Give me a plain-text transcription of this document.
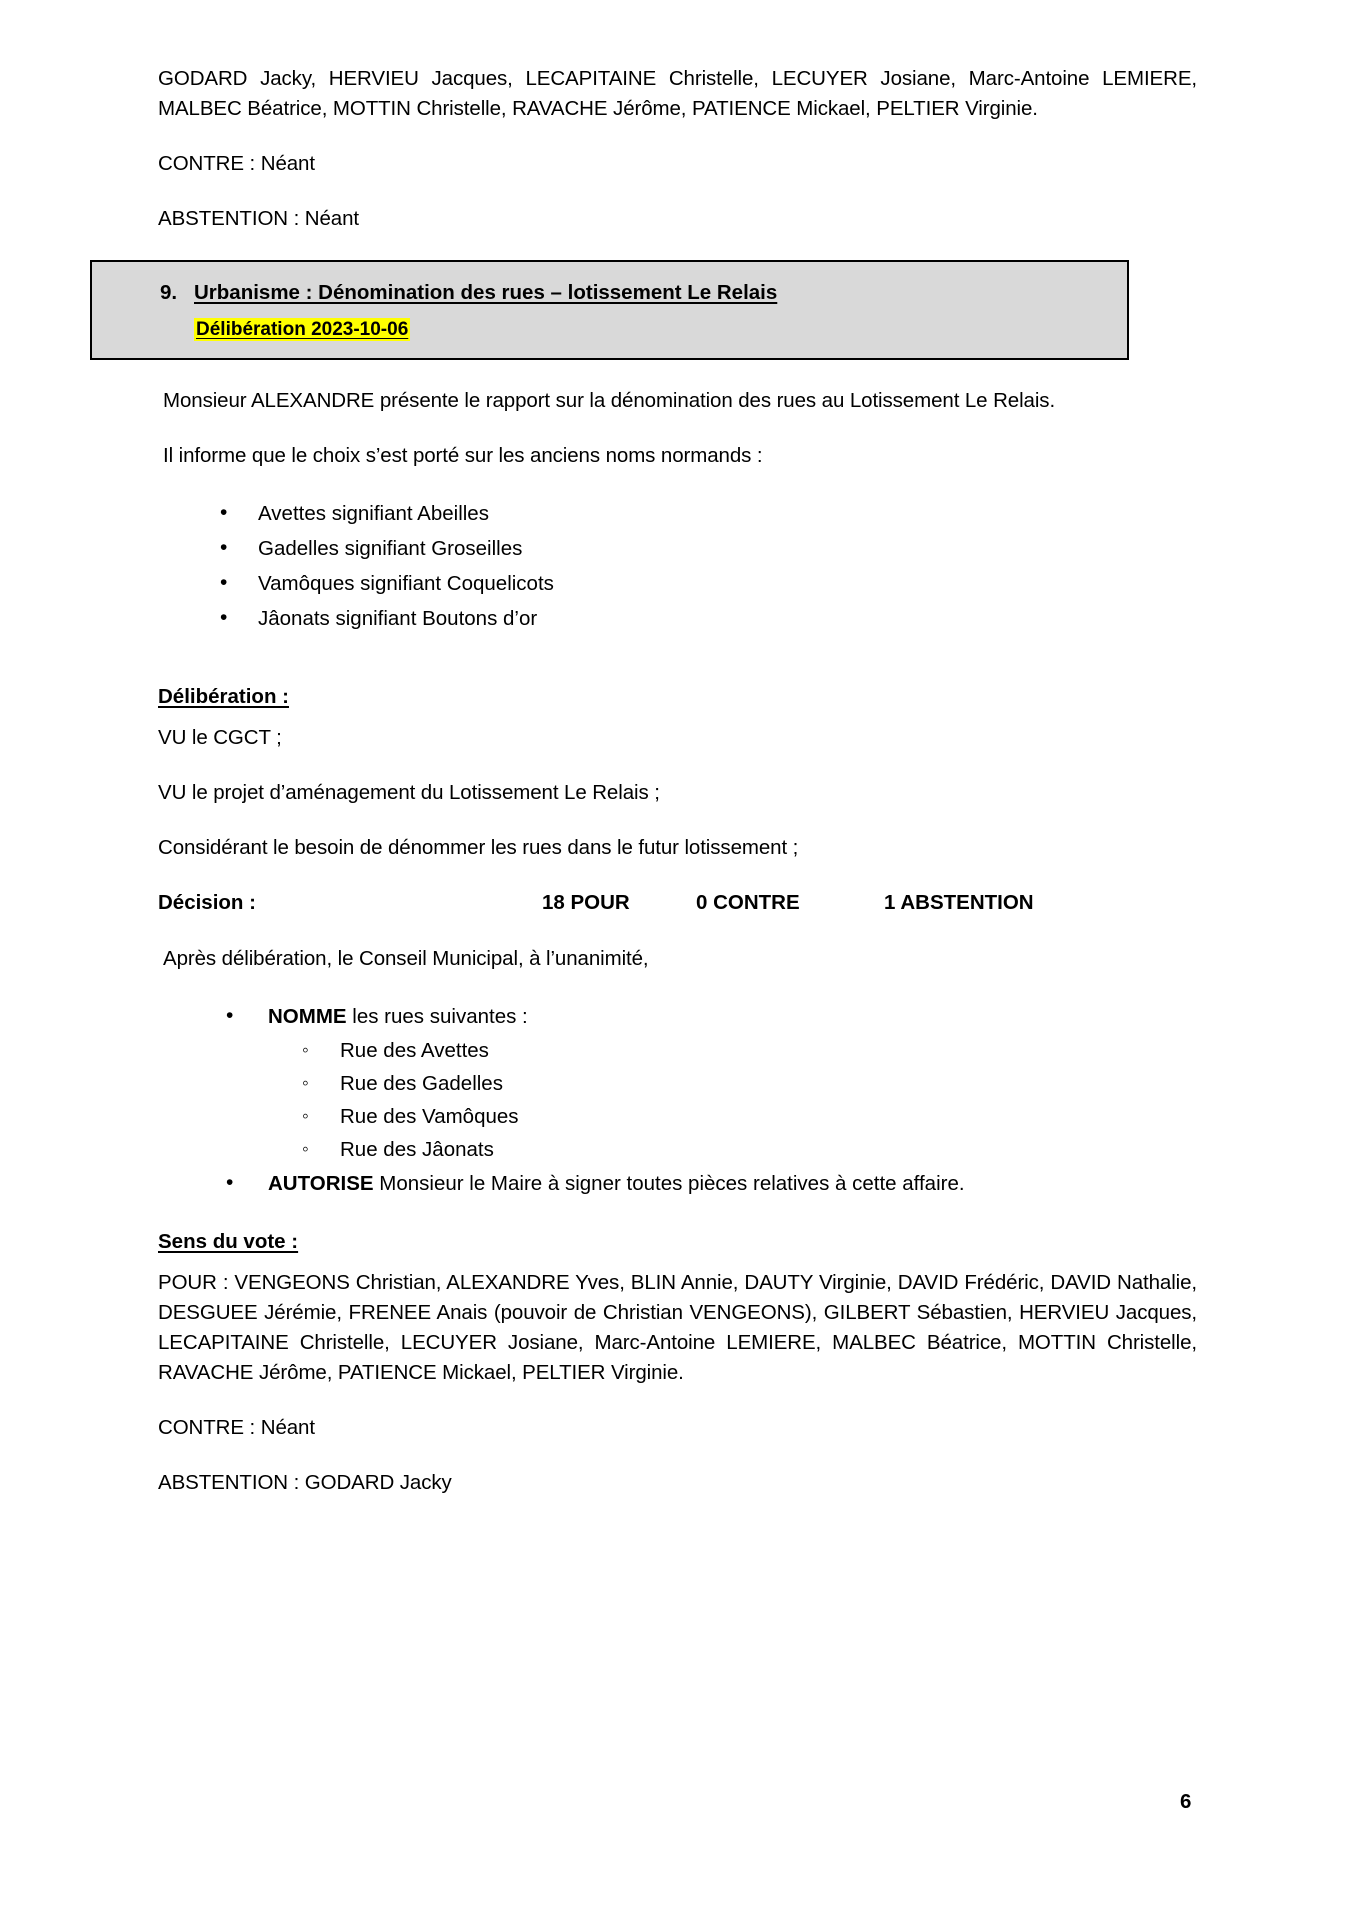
GODARD Jacky, HERVIEU Jacques, LECAPITAINE Christelle, LECUYER Josiane, Marc-Antoine LEMIERE, MALBEC Béatrice, MOTTIN Christelle, RAVACHE Jérôme, PATIENCE Mickael, PELTIER Virginie.

CONTRE : Néant

ABSTENTION : Néant

9. Urbanisme : Dénomination des rues – lotissement Le Relais
Délibération 2023-10-06

Monsieur ALEXANDRE présente le rapport sur la dénomination des rues au Lotissement Le Relais.

Il informe que le choix s’est porté sur les anciens noms normands :

• Avettes signifiant Abeilles
• Gadelles signifiant Groseilles
• Vamôques signifiant Coquelicots
• Jâonats signifiant Boutons d’or

Délibération :

VU le CGCT ;

VU le projet d’aménagement du Lotissement Le Relais ;

Considérant le besoin de dénommer les rues dans le futur lotissement ;

Décision :	18 POUR	0 CONTRE	1 ABSTENTION

Après délibération, le Conseil Municipal, à l’unanimité,

• NOMME les rues suivantes :
◦ Rue des Avettes
◦ Rue des Gadelles
◦ Rue des Vamôques
◦ Rue des Jâonats
• AUTORISE Monsieur le Maire à signer toutes pièces relatives à cette affaire.

Sens du vote :

POUR : VENGEONS Christian, ALEXANDRE Yves, BLIN Annie, DAUTY Virginie, DAVID Frédéric, DAVID Nathalie, DESGUEE Jérémie, FRENEE Anais (pouvoir de Christian VENGEONS), GILBERT Sébastien, HERVIEU Jacques, LECAPITAINE Christelle, LECUYER Josiane, Marc-Antoine LEMIERE, MALBEC Béatrice, MOTTIN Christelle, RAVACHE Jérôme, PATIENCE Mickael, PELTIER Virginie.

CONTRE : Néant

ABSTENTION : GODARD Jacky

6
